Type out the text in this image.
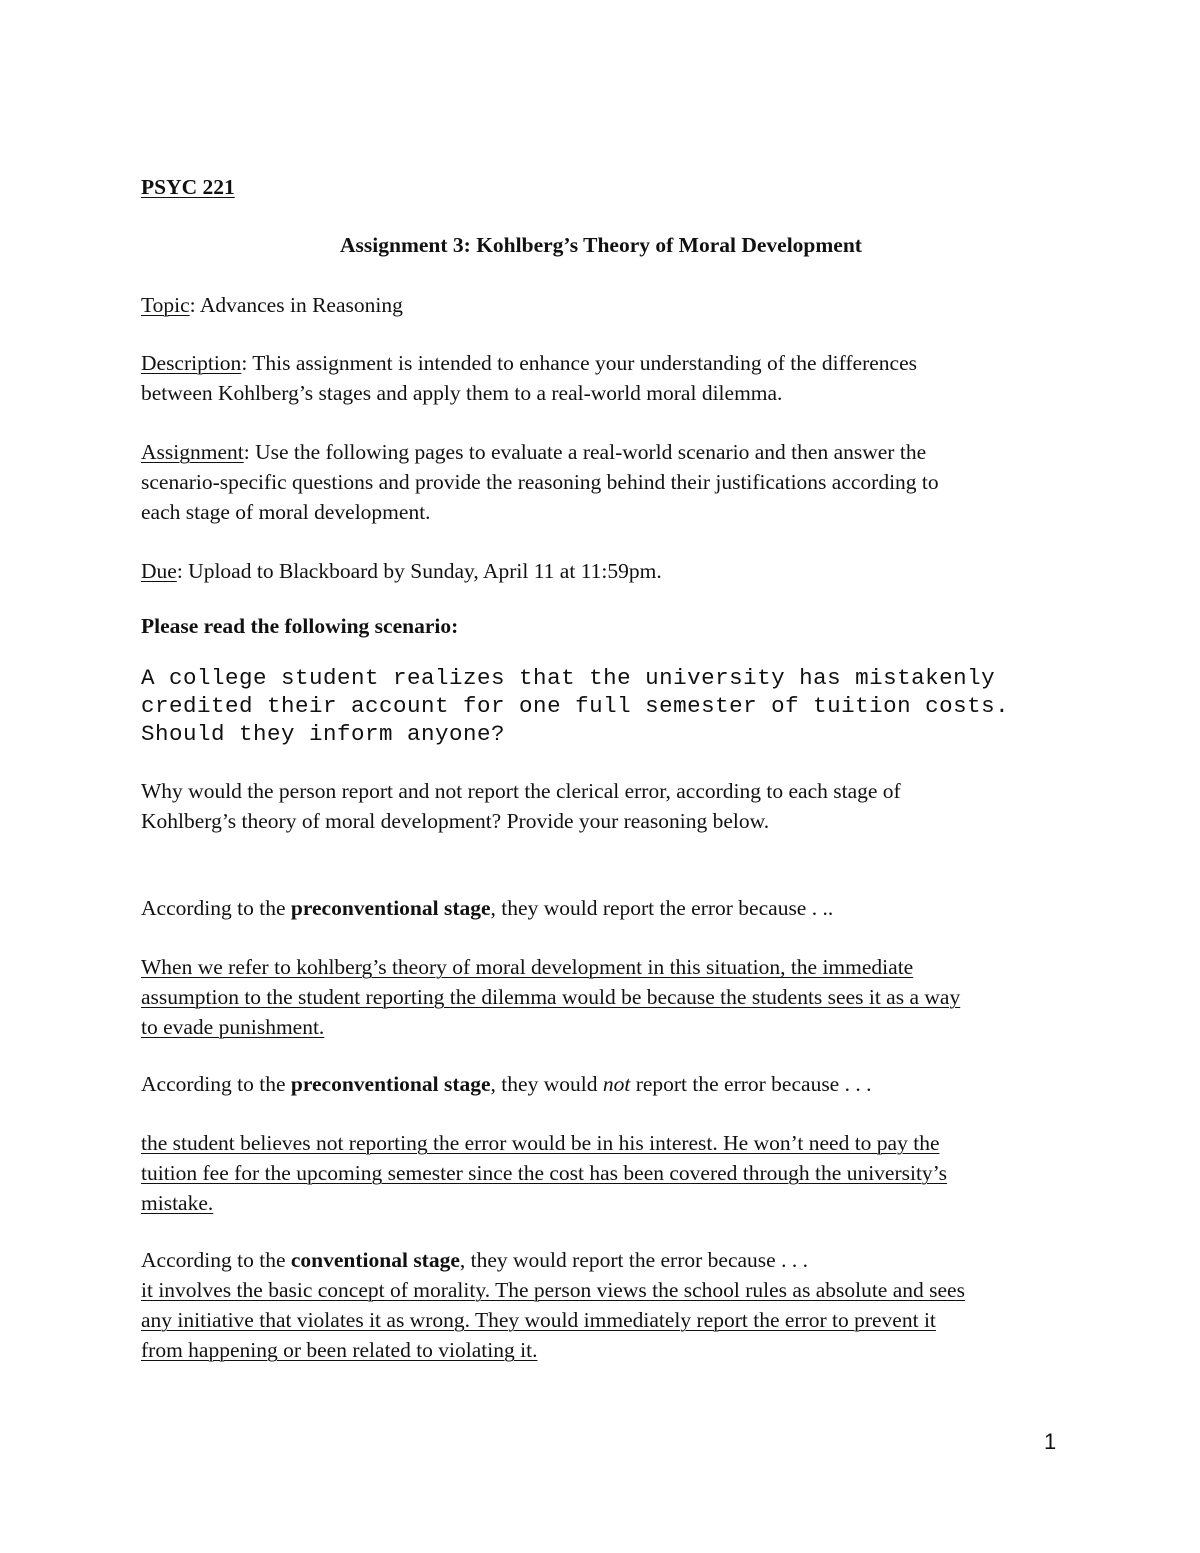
PSYC 221
Assignment 3: Kohlberg’s Theory of Moral Development
Topic: Advances in Reasoning
Description: This assignment is intended to enhance your understanding of the differences
between Kohlberg’s stages and apply them to a real-world moral dilemma.
Assignment: Use the following pages to evaluate a real-world scenario and then answer the
scenario-specific questions and provide the reasoning behind their justifications according to
each stage of moral development.
Due: Upload to Blackboard by Sunday, April 11 at 11:59pm.
Please read the following scenario:
A college student realizes that the university has mistakenly
credited their account for one full semester of tuition costs.
Should they inform anyone?
Why would the person report and not report the clerical error, according to each stage of
Kohlberg’s theory of moral development? Provide your reasoning below.
According to the preconventional stage, they would report the error because . ..
When we refer to kohlberg’s theory of moral development in this situation, the immediate
assumption to the student reporting the dilemma would be because the students sees it as a way
to evade punishment.
According to the preconventional stage, they would not report the error because . . .
the student believes not reporting the error would be in his interest. He won’t need to pay the
tuition fee for the upcoming semester since the cost has been covered through the university’s
mistake.
According to the conventional stage, they would report the error because . . .
it involves the basic concept of morality. The person views the school rules as absolute and sees
any initiative that violates it as wrong. They would immediately report the error to prevent it
from happening or been related to violating it.
1
